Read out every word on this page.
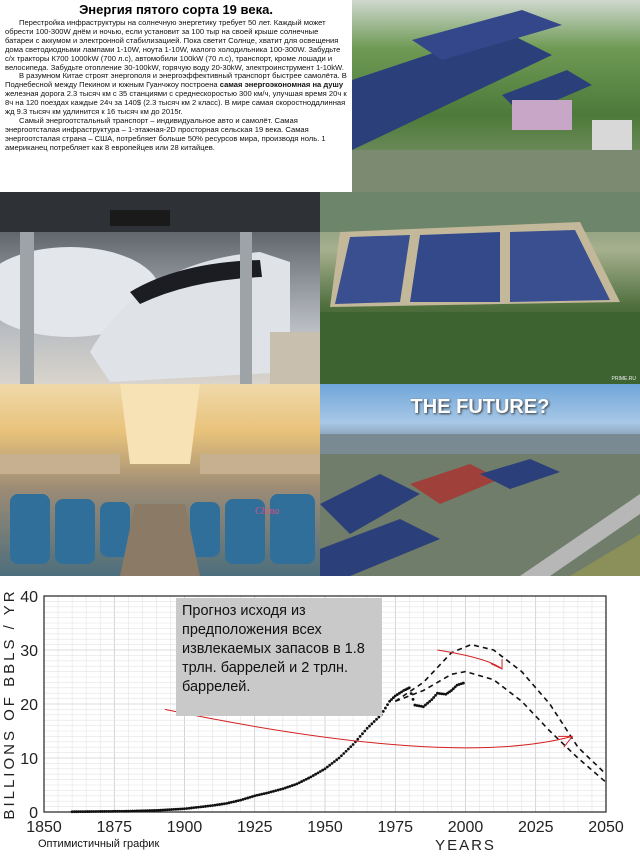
Энергия пятого сорта 19 века.

Перестройка инфраструктуры на солнечную энергетику требует 50 лет. Каждый может обрести 100-300W днём и ночью, если установит за 100 тыр на своей крыше солнечные батареи с аккумом и электронной стабилизацией. Пока светит Солнце, хватит для освещения дома светодиодными лампами 1-10W, ноута 1-10W, малого холодильника 100-300W. Забудьте с/х тракторы К700 1000kW (700 л.с), автомобили 100kW (70 л.с), транспорт, кроме лошади и велосипеда. Забудьте отопление 30-100kW, горячую воду 20-30kW, электроинструмент 1-10kW.

В разумном Китае строят энергополя и энергоэффективный транспорт быстрее самолёта. В Поднебесной между Пекином и южным Гуанчжоу построена самая энергоэкономная на душу железная дорога 2.3 тысяч км с 35 станциями с среднескоростью 300 км/ч, улучшая время 20ч к 8ч на 120 поездах каждые 24ч за 140$ (2.3 тысяч км 2 класс). В мире самая скоростноддлинная жд 9.3 тысяч км удлинится к 16 тысяч км до 2015г.

Самый энергоотстальный транспорт – индивидуальное авто и самолёт. Самая энергоотсталая инфраструктура – 1-этажная-2D просторная сельская 19 века. Самая энергоотсталая страна – США, потребляет больше 50% ресурсов мира, производя ноль. 1 американец потребляет как 8 европейцев или 28 китайцев.

PRIME.RU
China
THE FUTURE?
1850 1875 1900 1925 1950 1975 2000 2025 2050
0
10
20
30
40
BILLIONS OF BBLS / YR
YEARS
Прогноз исходя из предположения всех извлекаемых запасов в 1.8 трлн. баррелей и 2 трлн. баррелей.
Оптимистичный график
